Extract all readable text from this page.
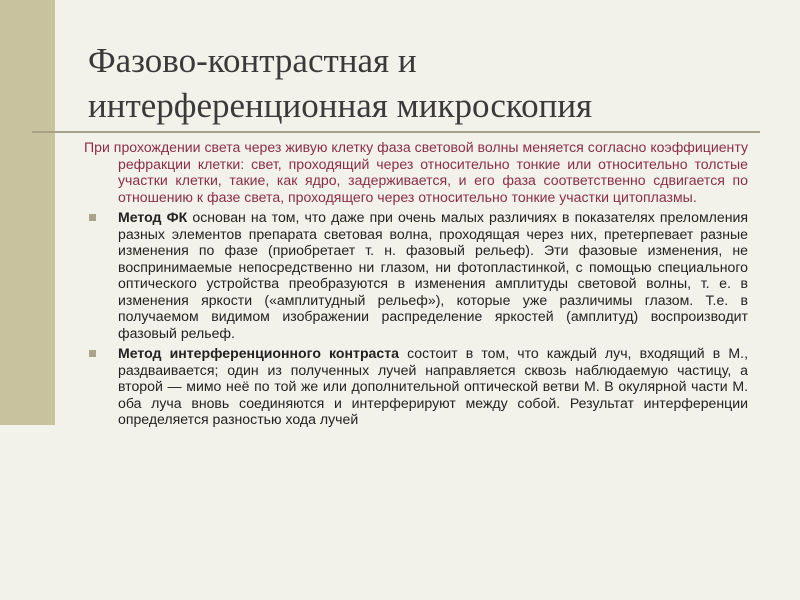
Фазово-контрастная и
интерференционная микроскопия

При прохождении света через живую клетку фаза световой волны меняется согласно коэффициенту рефракции клетки: свет, проходящий через относительно тонкие или относительно толстые участки клетки, такие, как ядро, задерживается, и его фаза соответственно сдвигается по отношению к фазе света, проходящего через относительно тонкие участки цитоплазмы.

Метод ФК основан на том, что даже при очень малых различиях в показателях преломления разных элементов препарата световая волна, проходящая через них, претерпевает разные изменения по фазе (приобретает т. н. фазовый рельеф). Эти фазовые изменения, не воспринимаемые непосредственно ни глазом, ни фотопластинкой, с помощью специального оптического устройства преобразуются в изменения амплитуды световой волны, т. е. в изменения яркости («амплитудный рельеф»), которые уже различимы глазом. Т.е. в получаемом видимом изображении распределение яркостей (амплитуд) воспроизводит фазовый рельеф.

Метод интерференционного контраста состоит в том, что каждый луч, входящий в М., раздваивается; один из полученных лучей направляется сквозь наблюдаемую частицу, а второй — мимо неё по той же или дополнительной оптической ветви М. В окулярной части М. оба луча вновь соединяются и интерферируют между собой. Результат интерференции определяется разностью хода лучей
